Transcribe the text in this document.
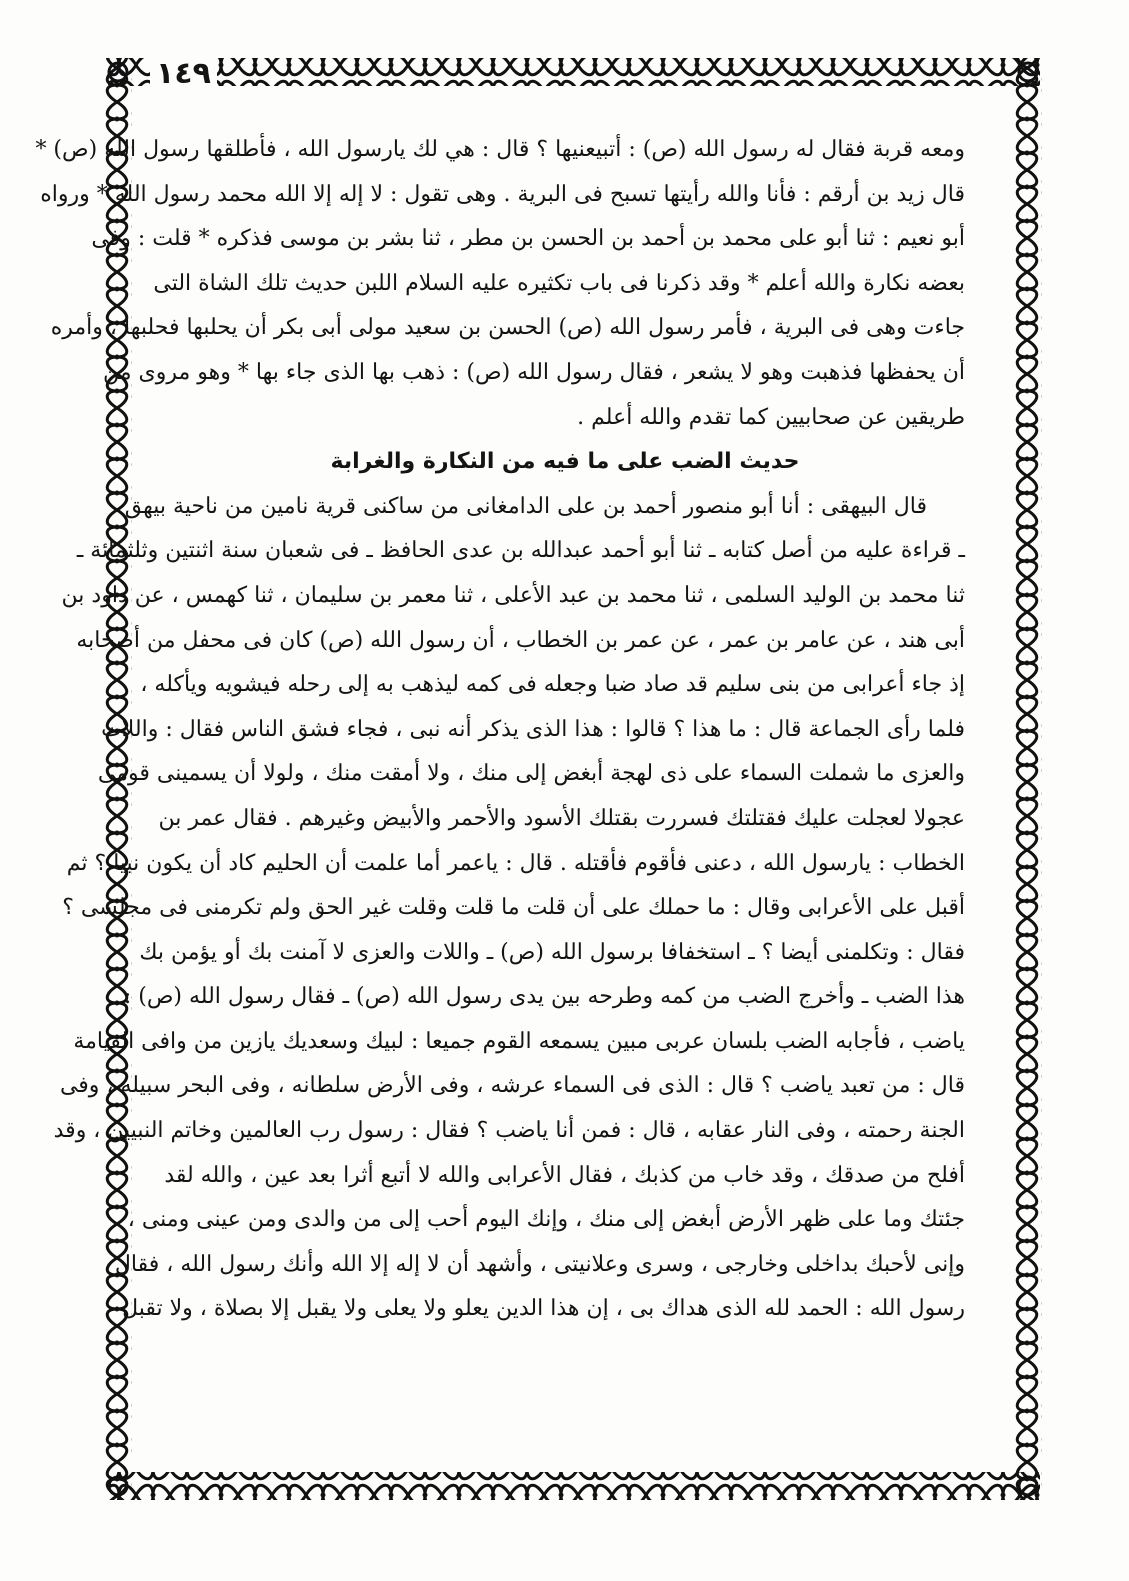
١٤٩
ومعه قربة فقال له رسول الله (ص) : أتبيعنيها ؟ قال : هي لك يارسول الله ، فأطلقها رسول الله (ص) *
قال زيد بن أرقم : فأنا والله رأيتها تسبح فى البرية . وهى تقول : لا إله إلا الله محمد رسول الله * ورواه
أبو نعيم : ثنا أبو على محمد بن أحمد بن الحسن بن مطر ، ثنا بشر بن موسى فذكره * قلت : وفى
بعضه نكارة والله أعلم * وقد ذكرنا فى باب تكثيره عليه السلام اللبن حديث تلك الشاة التى
جاءت وهى فى البرية ، فأمر رسول الله (ص) الحسن بن سعيد مولى أبى بكر أن يحلبها فحلبها ، وأمره
أن يحفظها فذهبت وهو لا يشعر ، فقال رسول الله (ص) : ذهب بها الذى جاء بها * وهو مروى من
طريقين عن صحابيين كما تقدم والله أعلم .
حديث الضب على ما فيه من النكارة والغرابة
قال البيهقى : أنا أبو منصور أحمد بن على الدامغانى من ساكنى قرية نامين من ناحية بيهق
ـ قراءة عليه من أصل كتابه ـ ثنا أبو أحمد عبدالله بن عدى الحافظ ـ فى شعبان سنة اثنتين وثلثمائة ـ
ثنا محمد بن الوليد السلمى ، ثنا محمد بن عبد الأعلى ، ثنا معمر بن سليمان ، ثنا كهمس ، عن داود بن
أبى هند ، عن عامر بن عمر ، عن عمر بن الخطاب ، أن رسول الله (ص) كان فى محفل من أصحابه
إذ جاء أعرابى من بنى سليم قد صاد ضبا وجعله فى كمه ليذهب به إلى رحله فيشويه ويأكله ،
فلما رأى الجماعة قال : ما هذا ؟ قالوا : هذا الذى يذكر أنه نبى ، فجاء فشق الناس فقال : واللات
والعزى ما شملت السماء على ذى لهجة أبغض إلى منك ، ولا أمقت منك ، ولولا أن يسمينى قومى
عجولا لعجلت عليك فقتلتك فسررت بقتلك الأسود والأحمر والأبيض وغيرهم . فقال عمر بن
الخطاب : يارسول الله ، دعنى فأقوم فأقتله . قال : ياعمر أما علمت أن الحليم كاد أن يكون نبيا ؟ ثم
أقبل على الأعرابى وقال : ما حملك على أن قلت ما قلت وقلت غير الحق ولم تكرمنى فى مجلسى ؟
فقال : وتكلمنى أيضا ؟ ـ استخفافا برسول الله (ص) ـ واللات والعزى لا آمنت بك أو يؤمن بك
هذا الضب ـ وأخرج الضب من كمه وطرحه بين يدى رسول الله (ص) ـ فقال رسول الله (ص) :
ياضب ، فأجابه الضب بلسان عربى مبين يسمعه القوم جميعا : لبيك وسعديك يازين من وافى القيامة
قال : من تعبد ياضب ؟ قال : الذى فى السماء عرشه ، وفى الأرض سلطانه ، وفى البحر سبيله ، وفى
الجنة رحمته ، وفى النار عقابه ، قال : فمن أنا ياضب ؟ فقال : رسول رب العالمين وخاتم النبيين ، وقد
أفلح من صدقك ، وقد خاب من كذبك ، فقال الأعرابى والله لا أتبع أثرا بعد عين ، والله لقد
جئتك وما على ظهر الأرض أبغض إلى منك ، وإنك اليوم أحب إلى من والدى ومن عينى ومنى ،
وإنى لأحبك بداخلى وخارجى ، وسرى وعلانيتى ، وأشهد أن لا إله إلا الله وأنك رسول الله ، فقال
رسول الله : الحمد لله الذى هداك بى ، إن هذا الدين يعلو ولا يعلى ولا يقبل إلا بصلاة ، ولا تقبل
